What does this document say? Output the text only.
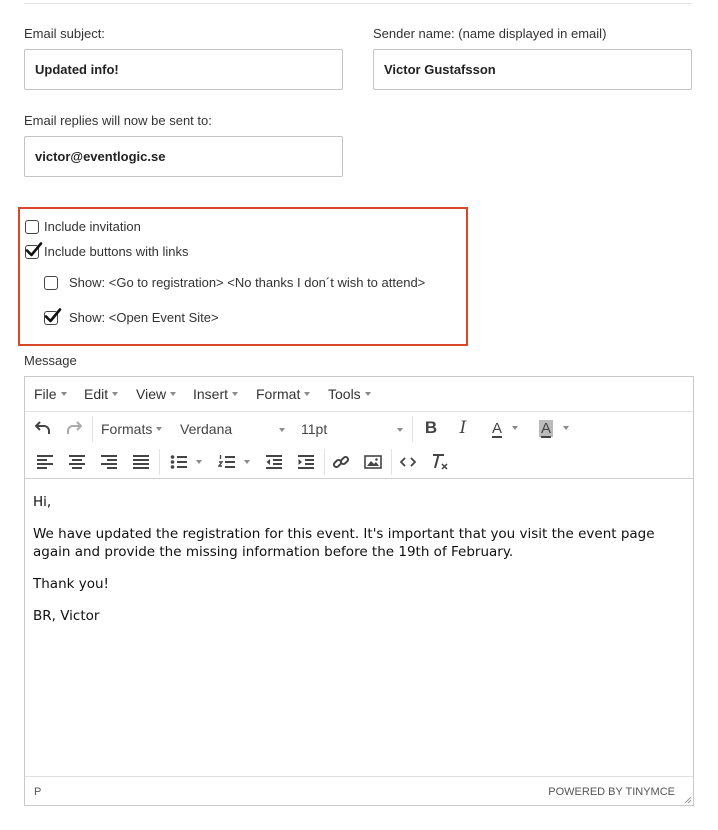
Email subject:
Updated info!
Sender name: (name displayed in email)
Victor Gustafsson
Email replies will now be sent to:
victor@eventlogic.se
Include invitation
Include buttons with links
Show: <Go to registration> <No thanks I don´t wish to attend>
Show: <Open Event Site>
Message
File Edit View Insert Format Tools
Formats Verdana	11pt	B I A	A

Hi,

We have updated the registration for this event. It's important that you visit the event page again and provide the missing information before the 19th of February.

Thank you!

BR, Victor

P	POWERED BY TINYMCE
